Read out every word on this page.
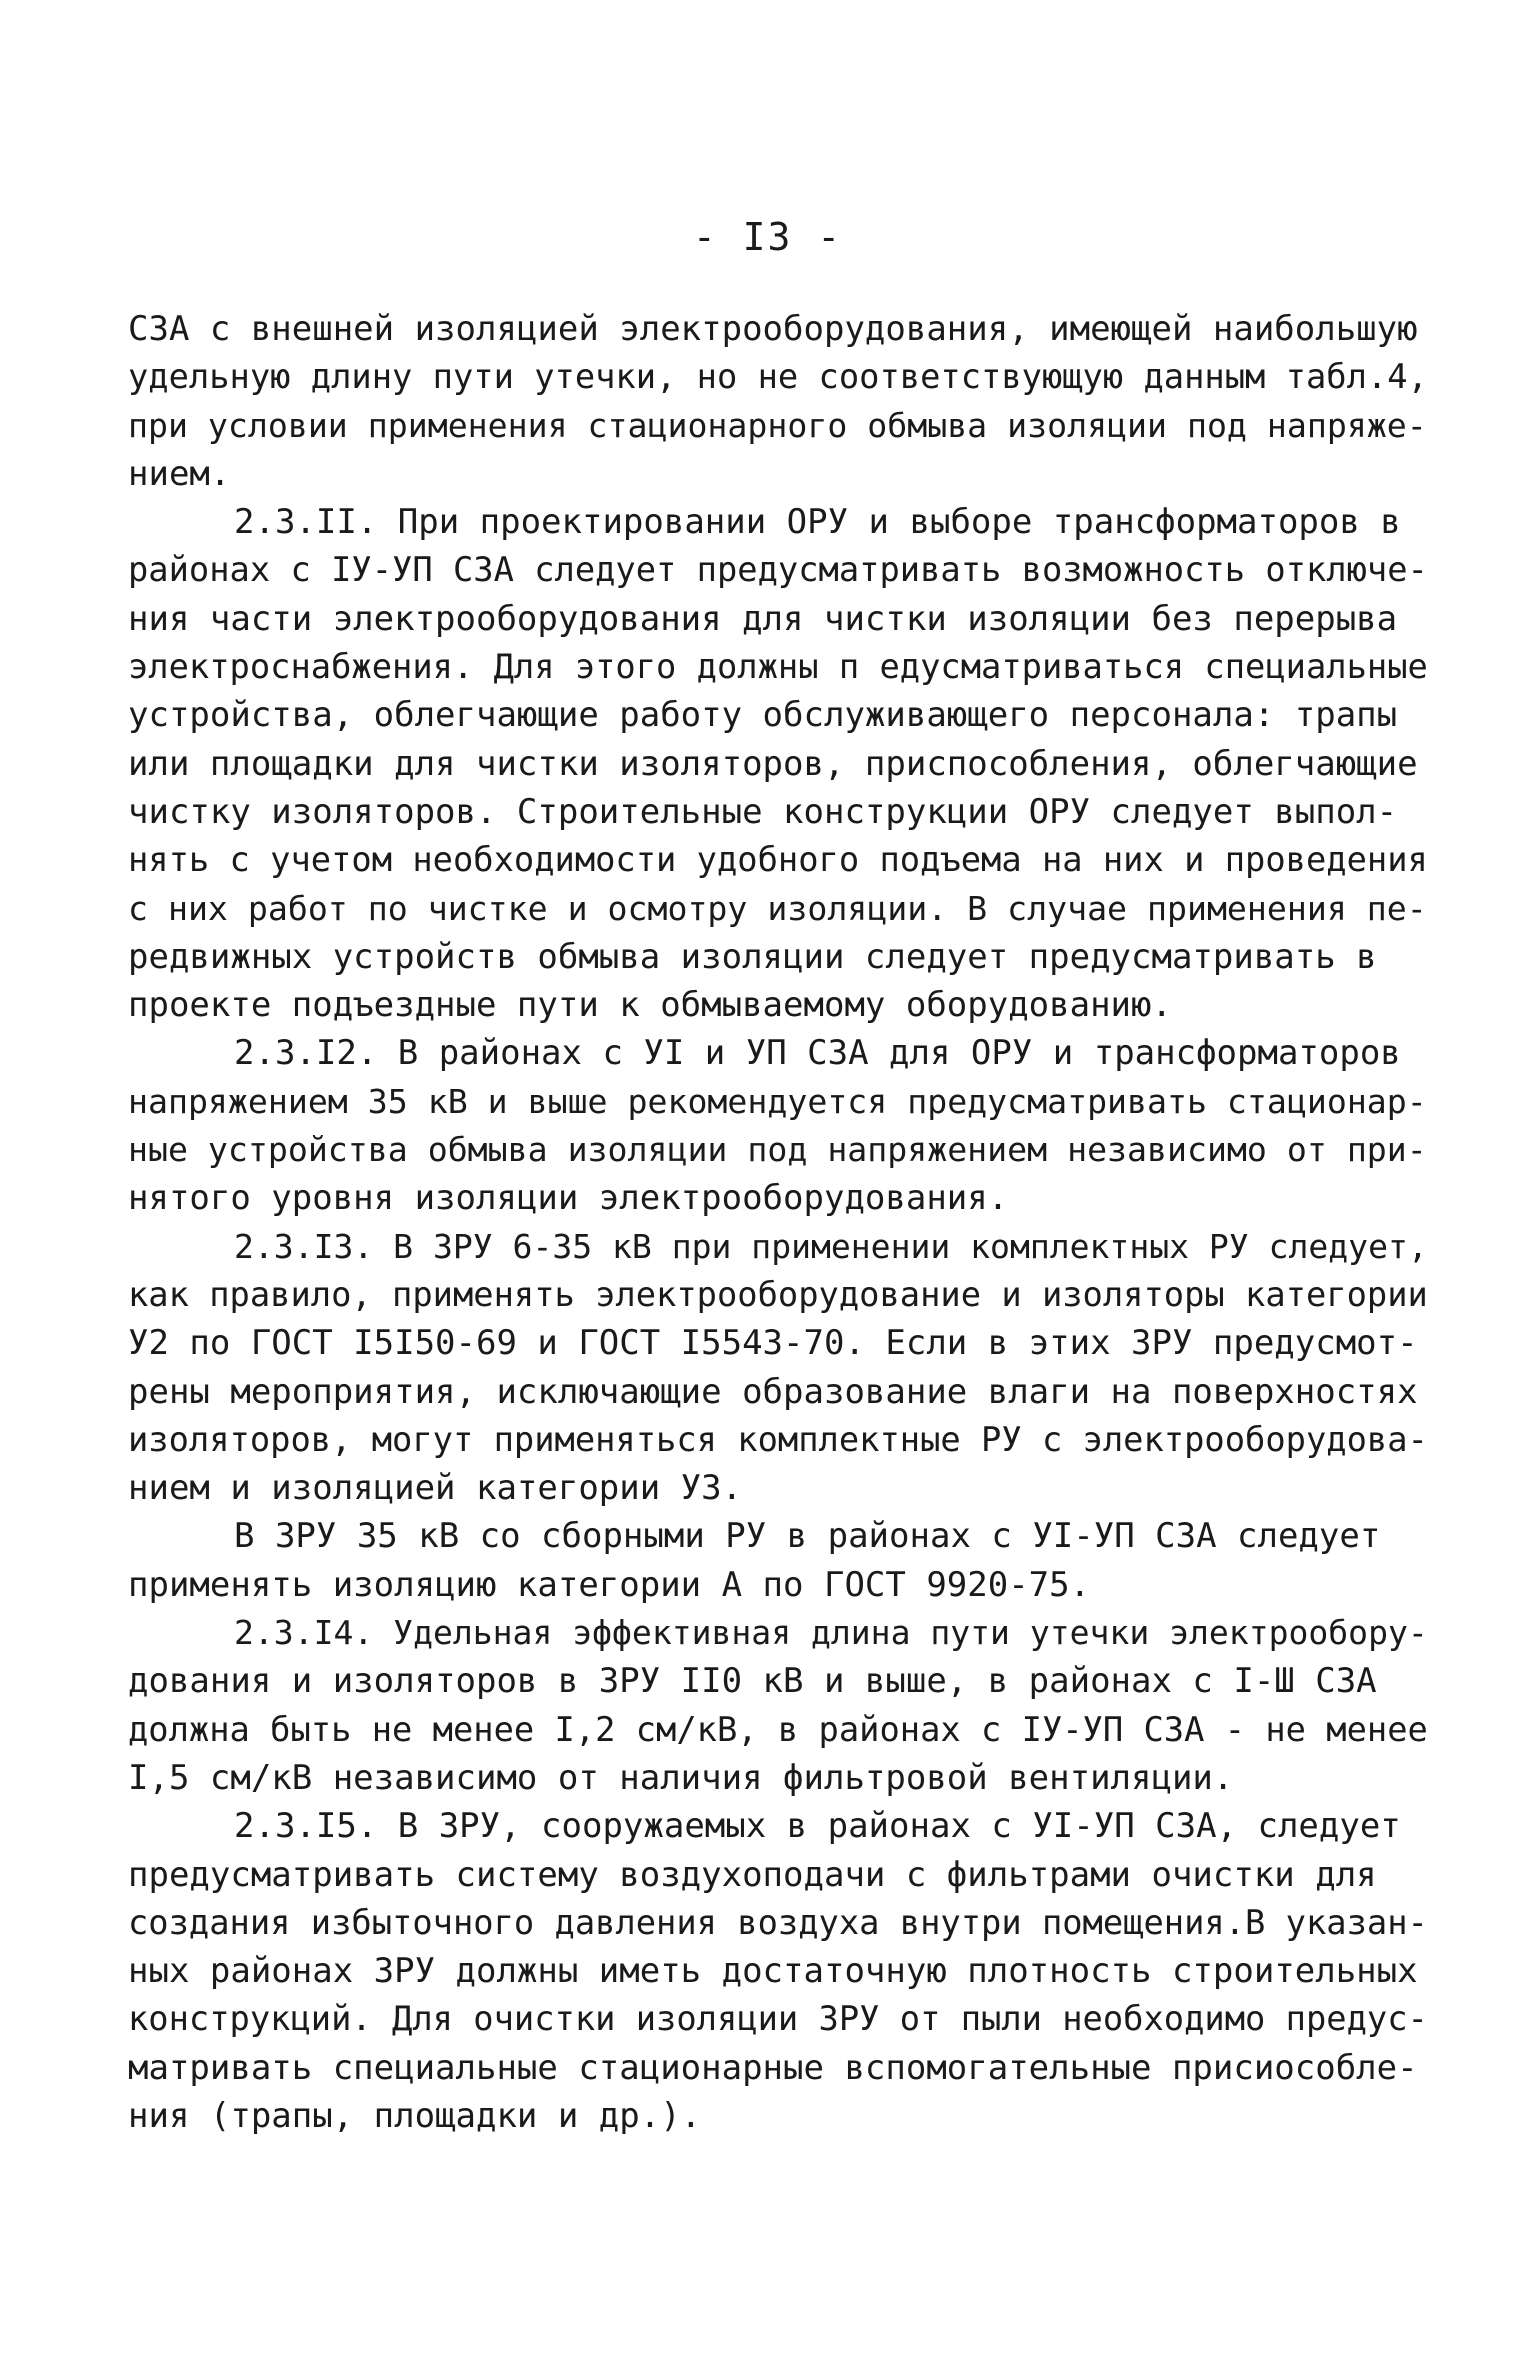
- I3 -
СЗА с внешней изоляцией электрооборудования, имеющей наибольшую
удельную длину пути утечки, но не соответствующую данным табл.4,
при условии применения стационарного обмыва изоляции под напряже-
нием.
2.3.II. При проектировании ОРУ и выборе трансформаторов в
районах с IУ-УП СЗА следует предусматривать возможность отключе-
ния части электрооборудования для чистки изоляции без перерыва
электроснабжения. Для этого должны п едусматриваться специальные
устройства, облегчающие работу обслуживающего персонала: трапы
или площадки для чистки изоляторов, приспособления, облегчающие
чистку изоляторов. Строительные конструкции ОРУ следует выпол-
нять с учетом необходимости удобного подъема на них и проведения
с них работ по чистке и осмотру изоляции. В случае применения пе-
редвижных устройств обмыва изоляции следует предусматривать в
проекте подъездные пути к обмываемому оборудованию.
2.3.I2. В районах с УI и УП СЗА для ОРУ и трансформаторов
напряжением 35 кВ и выше рекомендуется предусматривать стационар-
ные устройства обмыва изоляции под напряжением независимо от при-
нятого уровня изоляции электрооборудования.
2.3.I3. В ЗРУ 6-35 кВ при применении комплектных РУ следует,
как правило, применять электрооборудование и изоляторы категории
У2 по ГОСТ I5I50-69 и ГОСТ I5543-70. Если в этих ЗРУ предусмот-
рены мероприятия, исключающие образование влаги на поверхностях
изоляторов, могут применяться комплектные РУ с электрооборудова-
нием и изоляцией категории УЗ.
В ЗРУ 35 кВ со сборными РУ в районах с УI-УП СЗА следует
применять изоляцию категории А по ГОСТ 9920-75.
2.3.I4. Удельная эффективная длина пути утечки электрообору-
дования и изоляторов в ЗРУ II0 кВ и выше, в районах с I-Ш СЗА
должна быть не менее I,2 см/кВ, в районах с IУ-УП СЗА - не менее
I,5 см/кВ независимо от наличия фильтровой вентиляции.
2.3.I5. В ЗРУ, сооружаемых в районах с УI-УП СЗА, следует
предусматривать систему воздухоподачи с фильтрами очистки для
создания избыточного давления воздуха внутри помещения.В указан-
ных районах ЗРУ должны иметь достаточную плотность строительных
конструкций. Для очистки изоляции ЗРУ от пыли необходимо предус-
матривать специальные стационарные вспомогательные присиособле-
ния (трапы, площадки и др.).
